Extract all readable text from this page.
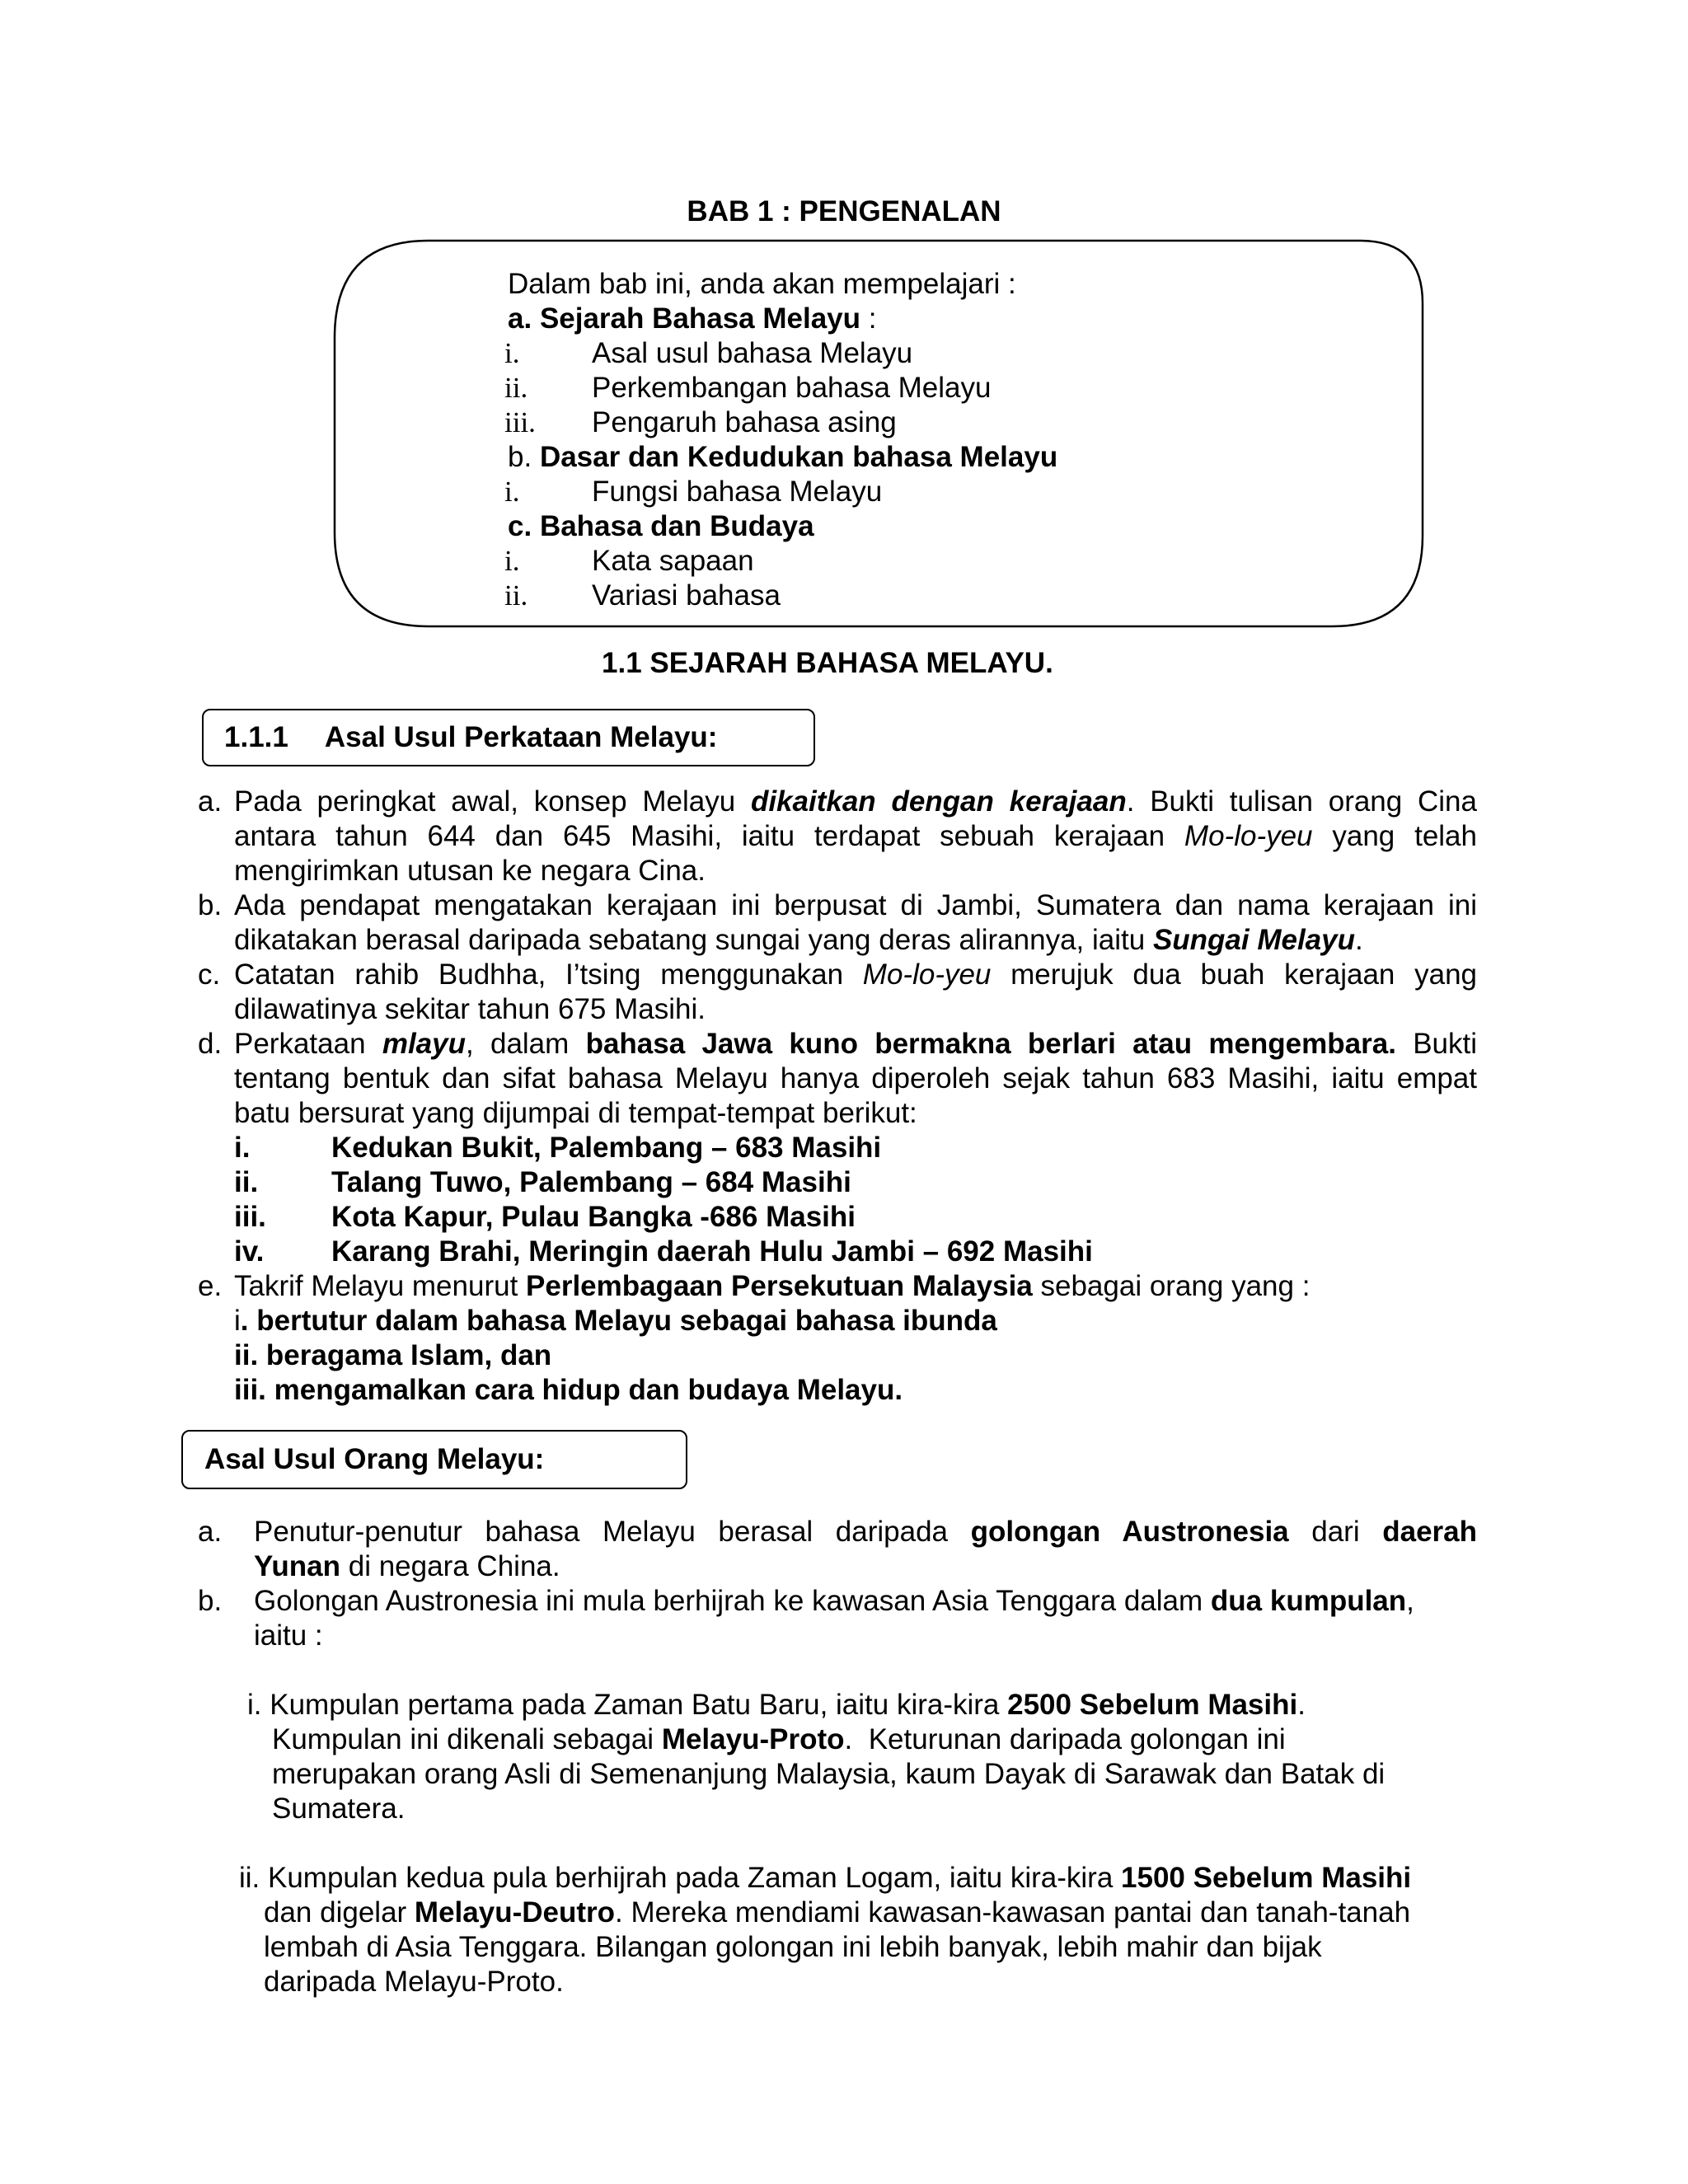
BAB 1 : PENGENALAN
Dalam bab ini, anda akan mempelajari :
a. Sejarah Bahasa Melayu :
i.	Asal usul bahasa Melayu
ii. Perkembangan bahasa Melayu
iii. Pengaruh bahasa asing
b. Dasar dan Kedudukan bahasa Melayu
i.	Fungsi bahasa Melayu
c. Bahasa dan Budaya
i.	Kata sapaan
ii. Variasi bahasa
1.1 SEJARAH BAHASA MELAYU.
1.1.1 Asal Usul Perkataan Melayu:
a. Pada peringkat awal, konsep Melayu dikaitkan dengan kerajaan. Bukti tulisan orang Cina
antara tahun 644 dan 645 Masihi, iaitu terdapat sebuah kerajaan Mo-lo-yeu yang telah
mengirimkan utusan ke negara Cina.
b. Ada pendapat mengatakan kerajaan ini berpusat di Jambi, Sumatera dan nama kerajaan ini
dikatakan berasal daripada sebatang sungai yang deras alirannya, iaitu Sungai Melayu.
c. Catatan rahib Budhha, I’tsing menggunakan Mo-lo-yeu merujuk dua buah kerajaan yang
dilawatinya sekitar tahun 675 Masihi.
d. Perkataan mlayu, dalam bahasa Jawa kuno bermakna berlari atau mengembara. Bukti
tentang bentuk dan sifat bahasa Melayu hanya diperoleh sejak tahun 683 Masihi, iaitu empat
batu bersurat yang dijumpai di tempat-tempat berikut:
i.	Kedukan Bukit, Palembang – 683 Masihi
ii.	Talang Tuwo, Palembang – 684 Masihi
iii. Kota Kapur, Pulau Bangka -686 Masihi
iv. Karang Brahi, Meringin daerah Hulu Jambi – 692 Masihi
e. Takrif Melayu menurut Perlembagaan Persekutuan Malaysia sebagai orang yang :
i. bertutur dalam bahasa Melayu sebagai bahasa ibunda
ii. beragama Islam, dan
iii. mengamalkan cara hidup dan budaya Melayu.
Asal Usul Orang Melayu:
a. Penutur-penutur bahasa Melayu berasal daripada golongan Austronesia dari daerah
Yunan di negara China.
b. Golongan Austronesia ini mula berhijrah ke kawasan Asia Tenggara dalam dua kumpulan,
iaitu :
i. Kumpulan pertama pada Zaman Batu Baru, iaitu kira-kira 2500 Sebelum Masihi.
Kumpulan ini dikenali sebagai Melayu-Proto.  Keturunan daripada golongan ini
merupakan orang Asli di Semenanjung Malaysia, kaum Dayak di Sarawak dan Batak di
Sumatera.
ii. Kumpulan kedua pula berhijrah pada Zaman Logam, iaitu kira-kira 1500 Sebelum Masihi
dan digelar Melayu-Deutro. Mereka mendiami kawasan-kawasan pantai dan tanah-tanah
lembah di Asia Tenggara. Bilangan golongan ini lebih banyak, lebih mahir dan bijak
daripada Melayu-Proto.
